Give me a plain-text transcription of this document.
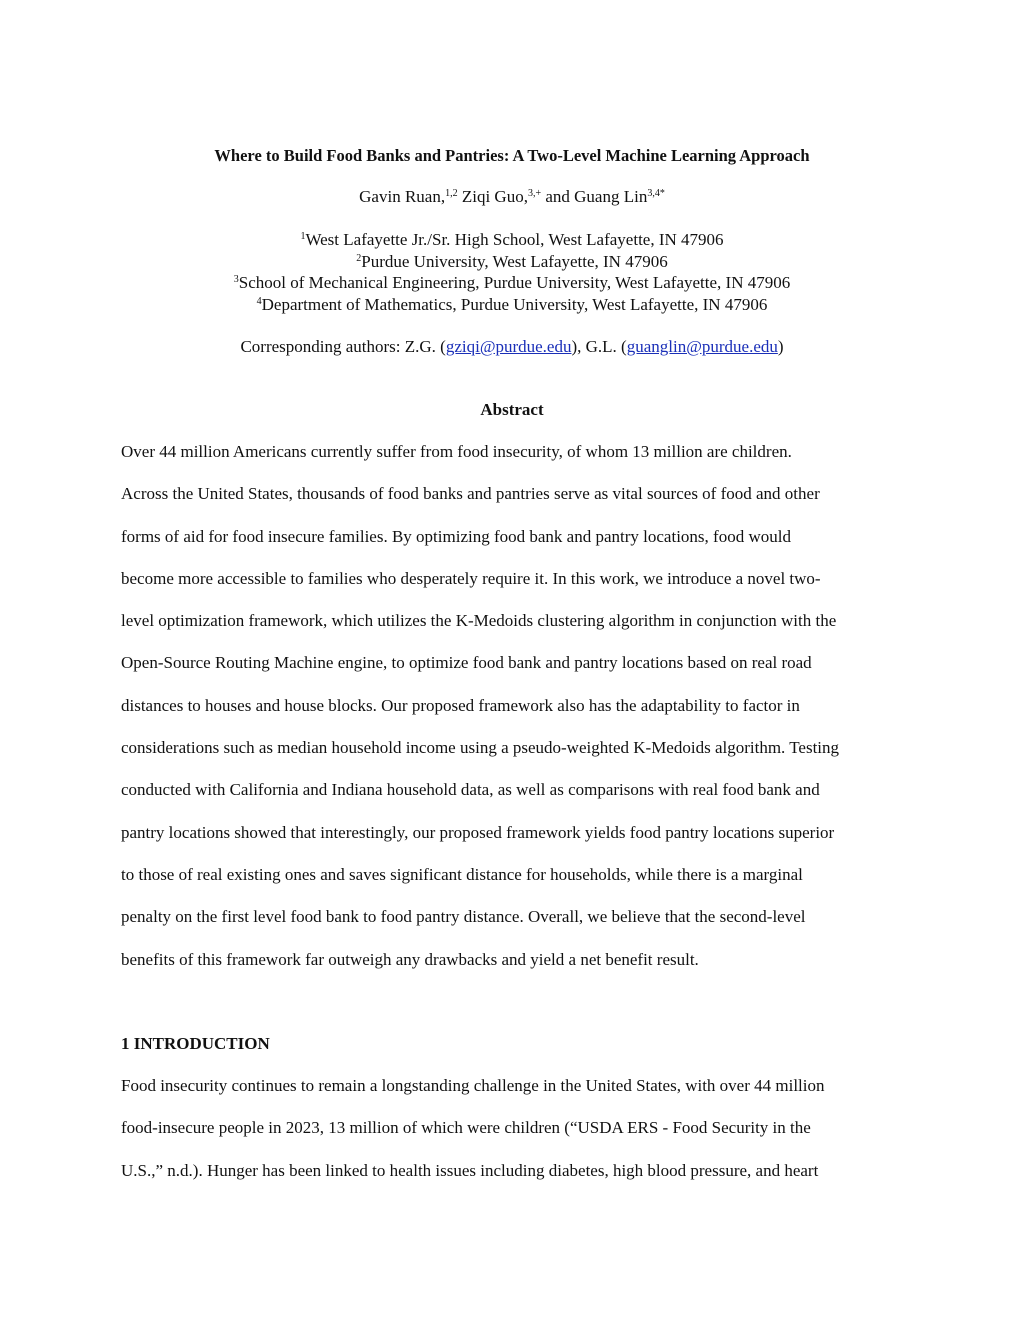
Where to Build Food Banks and Pantries: A Two-Level Machine Learning Approach
Gavin Ruan,$^{1,2}$ Ziqi Guo,$^{3,+}$ and Guang Lin$^{3,4*}$
$^1$West Lafayette Jr./Sr. High School, West Lafayette, IN 47906
$^2$Purdue University, West Lafayette, IN 47906
$^3$School of Mechanical Engineering, Purdue University, West Lafayette, IN 47906
$^4$Department of Mathematics, Purdue University, West Lafayette, IN 47906
Corresponding authors: Z.G. (gziqi@purdue.edu), G.L. (guanglin@purdue.edu)
Abstract
Over 44 million Americans currently suffer from food insecurity, of whom 13 million are children.
Across the United States, thousands of food banks and pantries serve as vital sources of food and other
forms of aid for food insecure families. By optimizing food bank and pantry locations, food would
become more accessible to families who desperately require it. In this work, we introduce a novel two-
level optimization framework, which utilizes the K-Medoids clustering algorithm in conjunction with the
Open-Source Routing Machine engine, to optimize food bank and pantry locations based on real road
distances to houses and house blocks. Our proposed framework also has the adaptability to factor in
considerations such as median household income using a pseudo-weighted K-Medoids algorithm. Testing
conducted with California and Indiana household data, as well as comparisons with real food bank and
pantry locations showed that interestingly, our proposed framework yields food pantry locations superior
to those of real existing ones and saves significant distance for households, while there is a marginal
penalty on the first level food bank to food pantry distance. Overall, we believe that the second-level
benefits of this framework far outweigh any drawbacks and yield a net benefit result.
1 INTRODUCTION
Food insecurity continues to remain a longstanding challenge in the United States, with over 44 million
food-insecure people in 2023, 13 million of which were children (“USDA ERS - Food Security in the
U.S.,” n.d.). Hunger has been linked to health issues including diabetes, high blood pressure, and heart
